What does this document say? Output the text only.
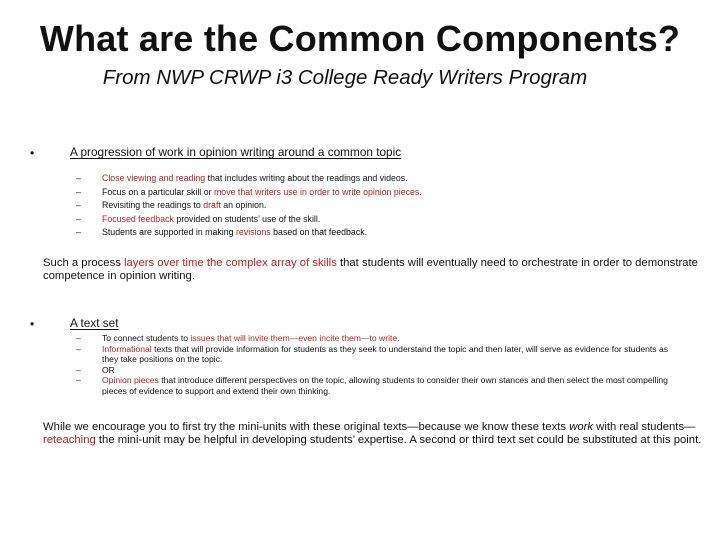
What are the Common Components?
From NWP CRWP i3 College Ready Writers Program
•	A progression of work in opinion writing around a common topic
–	Close viewing and reading that includes writing about the readings and videos.
–	Focus on a particular skill or move that writers use in order to write opinion pieces.
–	Revisiting the readings to draft an opinion.
–	Focused feedback provided on students’ use of the skill.
–	Students are supported in making revisions based on that feedback.
Such a process layers over time the complex array of skills that students will eventually need to orchestrate in order to demonstrate competence in opinion writing.
•	A text set
–	To connect students to issues that will invite them—even incite them—to write.
–	Informational texts that will provide information for students as they seek to understand the topic and then later, will serve as evidence for students as they take positions on the topic.
–	OR
–	Opinion pieces that introduce different perspectives on the topic, allowing students to consider their own stances and then select the most compelling pieces of evidence to support and extend their own thinking.
While we encourage you to first try the mini-units with these original texts—because we know these texts work with real students—reteaching the mini-unit may be helpful in developing students’ expertise. A second or third text set could be substituted at this point.
